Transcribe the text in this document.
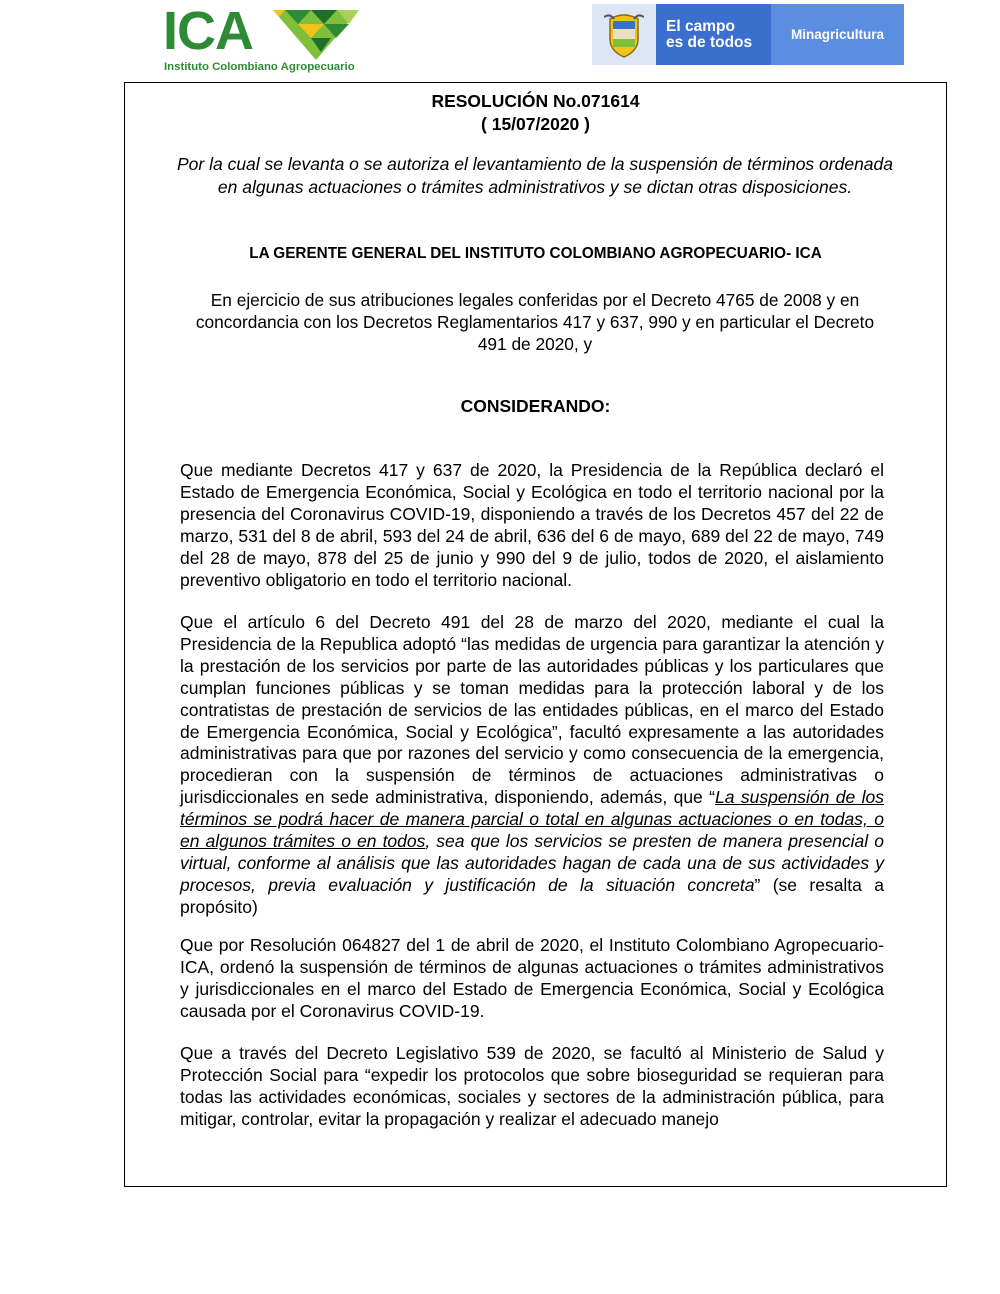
ICA
Instituto Colombiano Agropecuario
El campo
es de todos	Minagricultura
RESOLUCIÓN No.071614
( 15/07/2020 )
Por la cual se levanta o se autoriza el levantamiento de la suspensión de términos ordenada en algunas actuaciones o trámites administrativos y se dictan otras disposiciones.
LA GERENTE GENERAL DEL INSTITUTO COLOMBIANO AGROPECUARIO- ICA
En ejercicio de sus atribuciones legales conferidas por el Decreto 4765 de 2008 y en concordancia con los Decretos Reglamentarios 417 y 637, 990 y en particular el Decreto 491 de 2020, y
CONSIDERANDO:
Que mediante Decretos 417 y 637 de 2020, la Presidencia de la República declaró el Estado de Emergencia Económica, Social y Ecológica en todo el territorio nacional por la presencia del Coronavirus COVID-19, disponiendo a través de los Decretos 457 del 22 de marzo, 531 del 8 de abril, 593 del 24 de abril, 636 del 6 de mayo, 689 del 22 de mayo, 749 del 28 de mayo, 878 del 25 de junio y 990 del 9 de julio, todos de 2020, el aislamiento preventivo obligatorio en todo el territorio nacional.
Que el artículo 6 del Decreto 491 del 28 de marzo del 2020, mediante el cual la Presidencia de la Republica adoptó “las medidas de urgencia para garantizar la atención y la prestación de los servicios por parte de las autoridades públicas y los particulares que cumplan funciones públicas y se toman medidas para la protección laboral y de los contratistas de prestación de servicios de las entidades públicas, en el marco del Estado de Emergencia Económica, Social y Ecológica”, facultó expresamente a las autoridades administrativas para que por razones del servicio y como consecuencia de la emergencia, procedieran con la suspensión de términos de actuaciones administrativas o jurisdiccionales en sede administrativa, disponiendo, además, que “La suspensión de los términos se podrá hacer de manera parcial o total en algunas actuaciones o en todas, o en algunos trámites o en todos, sea que los servicios se presten de manera presencial o virtual, conforme al análisis que las autoridades hagan de cada una de sus actividades y procesos, previa evaluación y justificación de la situación concreta” (se resalta a propósito)
Que por Resolución 064827 del 1 de abril de 2020, el Instituto Colombiano Agropecuario- ICA, ordenó la suspensión de términos de algunas actuaciones o trámites administrativos y jurisdiccionales en el marco del Estado de Emergencia Económica, Social y Ecológica causada por el Coronavirus COVID-19.
Que a través del Decreto Legislativo 539 de 2020, se facultó al Ministerio de Salud y Protección Social para “expedir los protocolos que sobre bioseguridad se requieran para todas las actividades económicas, sociales y sectores de la administración pública, para mitigar, controlar, evitar la propagación y realizar el adecuado manejo
